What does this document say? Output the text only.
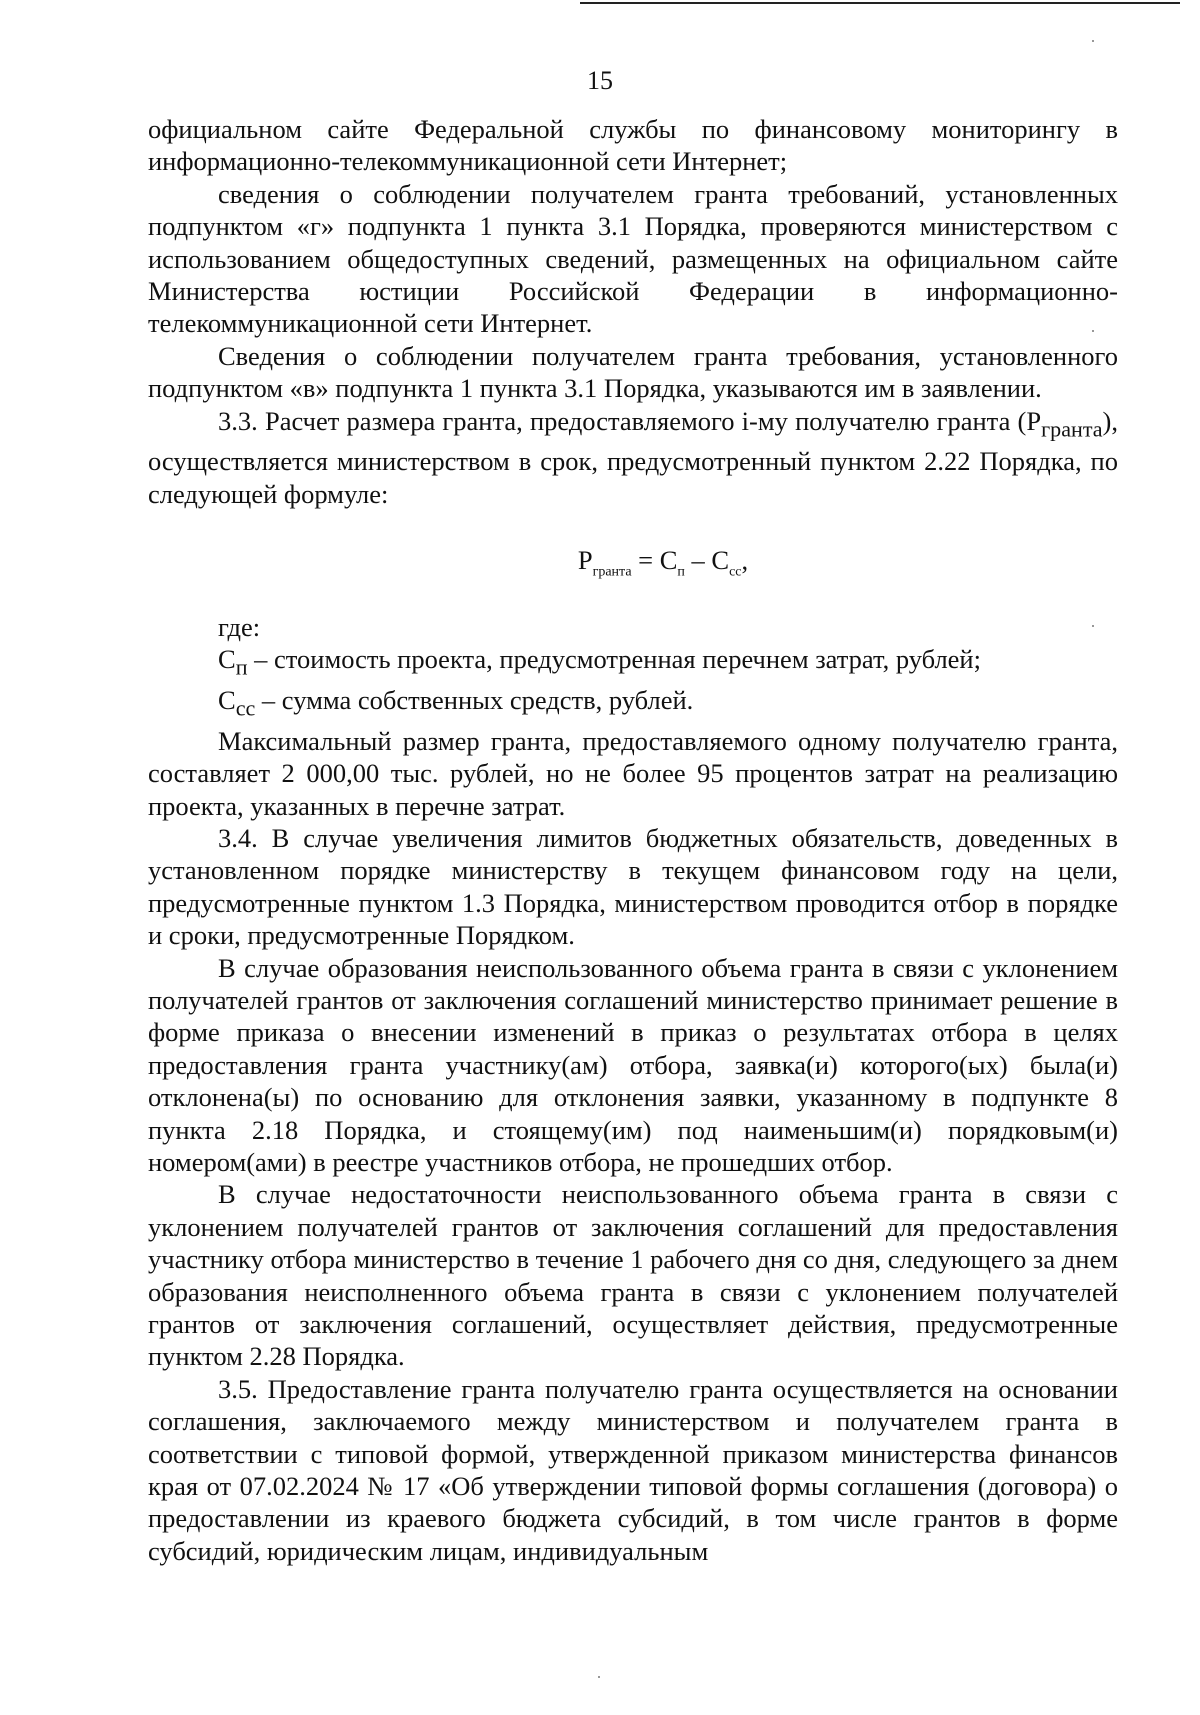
15

официальном сайте Федеральной службы по финансовому мониторингу в информационно-телекоммуникационной сети Интернет;

сведения о соблюдении получателем гранта требований, установленных подпунктом «г» подпункта 1 пункта 3.1 Порядка, проверяются министерством с использованием общедоступных сведений, размещенных на официальном сайте Министерства юстиции Российской Федерации в информационно-телекоммуникационной сети Интернет.

Сведения о соблюдении получателем гранта требования, установленного подпунктом «в» подпункта 1 пункта 3.1 Порядка, указываются им в заявлении.

3.3. Расчет размера гранта, предоставляемого i-му получателю гранта $(P_{гранта})$, осуществляется министерством в срок, предусмотренный пунктом 2.22 Порядка, по следующей формуле:

$P_{гранта} = C_п - C_{сс}$,

где:

$C_п$ – стоимость проекта, предусмотренная перечнем затрат, рублей;

$C_{сс}$ – сумма собственных средств, рублей.

Максимальный размер гранта, предоставляемого одному получателю гранта, составляет 2 000,00 тыс. рублей, но не более 95 процентов затрат на реализацию проекта, указанных в перечне затрат.

3.4. В случае увеличения лимитов бюджетных обязательств, доведенных в установленном порядке министерству в текущем финансовом году на цели, предусмотренные пунктом 1.3 Порядка, министерством проводится отбор в порядке и сроки, предусмотренные Порядком.

В случае образования неиспользованного объема гранта в связи с уклонением получателей грантов от заключения соглашений министерство принимает решение в форме приказа о внесении изменений в приказ о результатах отбора в целях предоставления гранта участнику(ам) отбора, заявка(и) которого(ых) была(и) отклонена(ы) по основанию для отклонения заявки, указанному в подпункте 8 пункта 2.18 Порядка, и стоящему(им) под наименьшим(и) порядковым(и) номером(ами) в реестре участников отбора, не прошедших отбор.

В случае недостаточности неиспользованного объема гранта в связи с уклонением получателей грантов от заключения соглашений для предоставления участнику отбора министерство в течение 1 рабочего дня со дня, следующего за днем образования неисполненного объема гранта в связи с уклонением получателей грантов от заключения соглашений, осуществляет действия, предусмотренные пунктом 2.28 Порядка.

3.5. Предоставление гранта получателю гранта осуществляется на основании соглашения, заключаемого между министерством и получателем гранта в соответствии с типовой формой, утвержденной приказом министерства финансов края от 07.02.2024 № 17 «Об утверждении типовой формы соглашения (договора) о предоставлении из краевого бюджета субсидий, в том числе грантов в форме субсидий, юридическим лицам, индивидуальным
